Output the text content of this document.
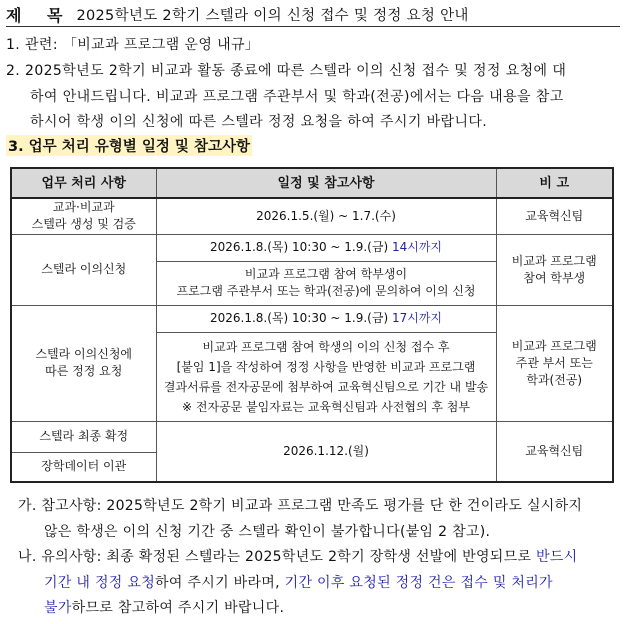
제 목 2025학년도 2학기 스텔라 이의 신청 접수 및 정정 요청 안내
1. 관련: 「비교과 프로그램 운영 내규」
2. 2025학년도 2학기 비교과 활동 종료에 따른 스텔라 이의 신청 접수 및 정정 요청에 대
하여 안내드립니다. 비교과 프로그램 주관부서 및 학과(전공)에서는 다음 내용을 참고
하시어 학생 이의 신청에 따른 스텔라 정정 요청을 하여 주시기 바랍니다.
3. 업무 처리 유형별 일정 및 참고사항
업무 처리 사항	일정 및 참고사항	비 고

교과·비교과
스텔라 생성 및 검증	2026.1.5.(월) ~ 1.7.(수)	교육혁신팀
스텔라 이의신청	2026.1.8.(목) 10:30 ~ 1.9.(금) 14시까지	비교과 프로그램
참여 학부생

	비교과 프로그램 참여 학부생이
프로그램 주관부서 또는 학과(전공)에 문의하여 이의 신청	

스텔라 이의신청에
따른 정정 요청
	2026.1.8.(목) 10:30 ~ 1.9.(금) 17시까지	
비교과 프로그램
주관 부서 또는
학과(전공)

	비교과 프로그램 참여 학생의 이의 신청 접수 후
[붙임 1]을 작성하여 정정 사항을 반영한 비교과 프로그램
결과서류를 전자공문에 첨부하여 교육혁신팀으로 기간 내 발송
※ 전자공문 붙임자료는 교육혁신팀과 사전협의 후 첨부	

스텔라 최종 확정	2026.1.12.(월)	교육혁신팀
장학데이터 이관		
가. 참고사항: 2025학년도 2학기 비교과 프로그램 만족도 평가를 단 한 건이라도 실시하지
않은 학생은 이의 신청 기간 중 스텔라 확인이 불가합니다(붙임 2 참고).
나. 유의사항: 최종 확정된 스텔라는 2025학년도 2학기 장학생 선발에 반영되므로 반드시
기간 내 정정 요청하여 주시기 바라며, 기간 이후 요청된 정정 건은 접수 및 처리가
불가하므로 참고하여 주시기 바랍니다.
